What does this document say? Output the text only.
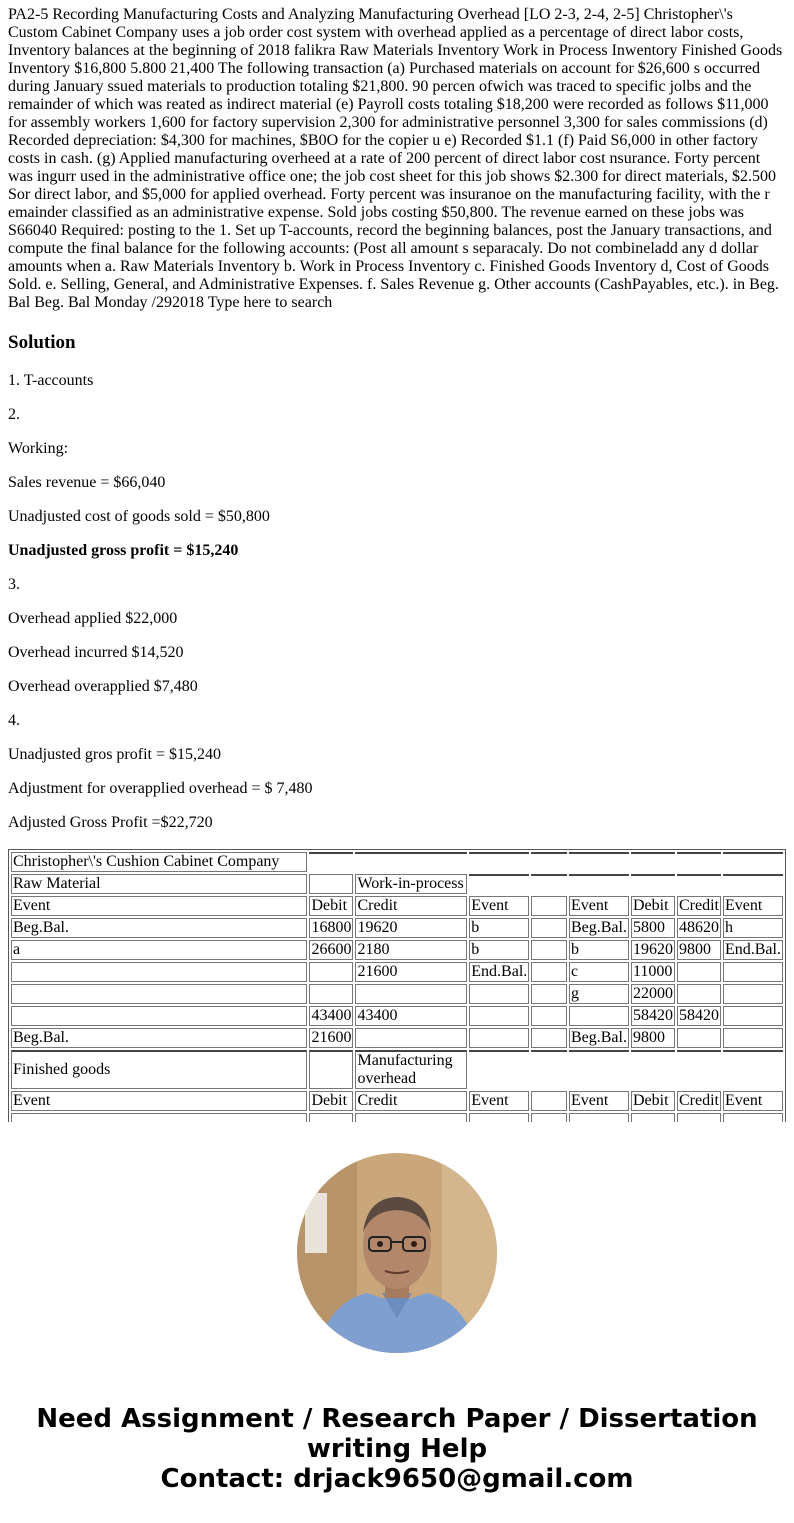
PA2-5 Recording Manufacturing Costs and Analyzing Manufacturing Overhead [LO 2-3, 2-4, 2-5] Christopher\'s Custom Cabinet Company uses a job order cost system with overhead applied as a percentage of direct labor costs, Inventory balances at the beginning of 2018 falikra Raw Materials Inventory Work in Process Inwentory Finished Goods Inventory $16,800 5.800 21,400 The following transaction (a) Purchased materials on account for $26,600 s occurred during January ssued materials to production totaling $21,800. 90 percen ofwich was traced to specific jolbs and the remainder of which was reated as indirect material (e) Payroll costs totaling $18,200 were recorded as follows $11,000 for assembly workers 1,600 for factory supervision 2,300 for administrative personnel 3,300 for sales commissions (d) Recorded depreciation: $4,300 for machines, $B0O for the copier u e) Recorded $1.1 (f) Paid S6,000 in other factory costs in cash. (g) Applied manufacturing overheed at a rate of 200 percent of direct labor cost nsurance. Forty percent was ingurr used in the administrative office one; the job cost sheet for this job shows $2.300 for direct materials, $2.500 Sor direct labor, and $5,000 for applied overhead. Forty percent was insuranoe on the manufacturing facility, with the r emainder classified as an administrative expense. Sold jobs costing $50,800. The revenue earned on these jobs was S66040 Required: posting to the 1. Set up T-accounts, record the beginning balances, post the January transactions, and compute the final balance for the following accounts: (Post all amount s separacaly. Do not combineladd any d dollar amounts when a. Raw Materials Inventory b. Work in Process Inventory c. Finished Goods Inventory d, Cost of Goods Sold. e. Selling, General, and Administrative Expenses. f. Sales Revenue g. Other accounts (CashPayables, etc.). in Beg. Bal Beg. Bal Monday /292018 Type here to search
Solution

1. T-accounts

2.

Working:

Sales revenue = $66,040

Unadjusted cost of goods sold = $50,800

Unadjusted gross profit = $15,240

3.

Overhead applied $22,000

Overhead incurred $14,520

Overhead overapplied $7,480

4.

Unadjusted gros profit = $15,240

Adjustment for overapplied overhead = $ 7,480

Adjusted Gross Profit =$22,720

Christopher\'s Cushion Cabinet Company								
Raw Material		Work-in-process						
Event	Debit	Credit	Event		Event	Debit	Credit	Event
Beg.Bal.	16800	19620	b		Beg.Bal.	5800	48620	h
a	26600	2180	b		b	19620	9800	End.Bal.
		21600	End.Bal.		c	11000		
					g	22000		
	43400	43400				58420	58420	
Beg.Bal.	21600				Beg.Bal.	9800		
Finished goods		Manufacturing overhead						
Event	Debit	Credit	Event		Event	Debit	Credit	Event

Need Assignment / Research Paper / Dissertation
writing Help
Contact: drjack9650@gmail.com
